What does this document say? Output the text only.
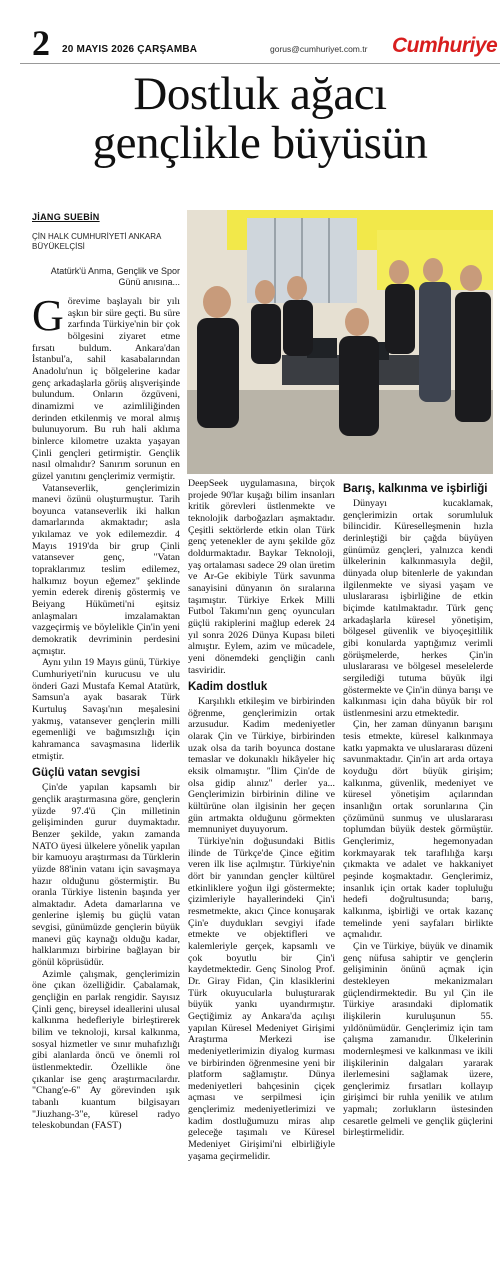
2 20 MAYIS 2026 ÇARŞAMBA	gorus@cumhuriyet.com.tr Cumhuriye
Dostluk ağacı
gençlikle büyüsün
JİANG SUEBİN
ÇİN HALK CUMHURİYETİ ANKARA BÜYÜKELÇİSİ
Atatürk'ü Anma, Gençlik ve Spor Günü anısına...

Görevime başlayalı bir yılı aşkın bir süre geçti. Bu süre zarfında Türkiye'nin bir çok bölgesini ziyaret etme fırsatı buldum. Ankara'dan İstanbul'a, sahil kasabalarından Anadolu'nun iç bölgelerine kadar genç arkadaşlarla görüş alışverişinde bulundum. Onların özgüveni, dinamizmi ve azimliliğinden derinden etkilenmiş ve moral almış bulunuyorum. Bu ruh hali aklıma binlerce kilometre uzakta yaşayan Çinli gençleri getirmiştir. Gençlik nasıl olmalıdır? Sanırım sorunun en güzel yanıtını gençlerimiz vermiştir.

Vatanseverlik, gençlerimizin manevi özünü oluşturmuştur. Tarih boyunca vatanseverlik iki halkın damarlarında akmaktadır; asla yıkılamaz ve yok edilemezdir. 4 Mayıs 1919'da bir grup Çinli vatansever genç, "Vatan topraklarımız teslim edilemez, halkımız boyun eğemez" şeklinde yemin ederek direniş göstermiş ve Beiyang Hükümeti'ni eşitsiz anlaşmaları imzalamaktan vazgeçirmiş ve böylelikle Çin'in yeni demokratik devriminin perdesini açmıştır.

Aynı yılın 19 Mayıs günü, Türkiye Cumhuriyeti'nin kurucusu ve ulu önderi Gazi Mustafa Kemal Atatürk, Samsun'a ayak basarak Türk Kurtuluş Savaşı'nın meşalesini yakmış, vatansever gençlerin milli egemenliği ve bağımsızlığı için kahramanca savaşmasına liderlik etmiştir.

Güçlü vatan sevgisi

Çin'de yapılan kapsamlı bir gençlik araştırmasına göre, gençlerin yüzde 97.4'ü Çin milletinin gelişiminden gurur duymaktadır. Benzer şekilde, yakın zamanda NATO üyesi ülkelere yönelik yapılan bir kamuoyu araştırması da Türklerin yüzde 88'inin vatanı için savaşmaya hazır olduğunu göstermiştir. Bu oranla Türkiye listenin başında yer almaktadır. Adeta damarlarına ve genlerine işlemiş bu güçlü vatan sevgisi, günümüzde gençlerin büyük manevi güç kaynağı olduğu kadar, halklarımızı birbirine bağlayan bir gönül köprüsüdür.

Azimle çalışmak, gençlerimizin öne çıkan özelliğidir. Çabalamak, gençliğin en parlak rengidir. Sayısız Çinli genç, bireysel ideallerini ulusal kalkınma hedefleriyle birleştirerek bilim ve teknoloji, kırsal kalkınma, sosyal hizmetler ve sınır muhafızlığı gibi alanlarda öncü ve önemli rol üstlenmektedir. Özellikle öne çıkanlar ise genç araştırmacılardır. "Chang'e-6" Ay görevinden ışık tabanlı kuantum bilgisayarı "Jiuzhang-3"e, küresel radyo teleskobundan (FAST)

DeepSeek uygulamasına, birçok projede 90'lar kuşağı bilim insanları kritik görevleri üstlenmekte ve teknolojik darboğazları aşmaktadır. Çeşitli sektörlerde etkin olan Türk genç yetenekler de aynı şekilde göz doldurmaktadır. Baykar Teknoloji, yaş ortalaması sadece 29 olan üretim ve Ar-Ge ekibiyle Türk savunma sanayisini dünyanın ön sıralarına taşımıştır. Türkiye Erkek Milli Futbol Takımı'nın genç oyuncuları güçlü rakiplerini mağlup ederek 24 yıl sonra 2026 Dünya Kupası bileti almıştır. Eylem, azim ve mücadele, yeni dönemdeki gençliğin canlı tasviridir.

Kadim dostluk

Karşılıklı etkileşim ve birbirinden öğrenme, gençlerimizin ortak arzusudur. Kadim medeniyetler olarak Çin ve Türkiye, birbirinden uzak olsa da tarih boyunca dostane temaslar ve dokunaklı hikâyeler hiç eksik olmamıştır. "İlim Çin'de de olsa gidip alınız" derler ya... Gençlerimizin birbirinin diline ve kültürüne olan ilgisinin her geçen gün artmakta olduğunu görmekten memnuniyet duyuyorum.

Türkiye'nin doğusundaki Bitlis ilinde de Türkçe'de Çince eğitim veren ilk lise açılmıştır. Türkiye'nin dört bir yanından gençler kültürel etkinliklere yoğun ilgi göstermekte; çizimleriyle hayallerindeki Çin'i resmetmekte, akıcı Çince konuşarak Çin'e duydukları sevgiyi ifade etmekte ve objektifleri ve kalemleriyle gerçek, kapsamlı ve çok boyutlu bir Çin'i kaydetmektedir. Genç Sinolog Prof. Dr. Giray Fidan, Çin klasiklerini Türk okuyucularla buluşturarak büyük yankı uyandırmıştır. Geçtiğimiz ay Ankara'da açılışı yapılan Küresel Medeniyet Girişimi Araştırma Merkezi ise medeniyetlerimizin diyalog kurması ve birbirinden öğrenmesine yeni bir platform sağlamıştır. Dünya medeniyetleri bahçesinin çiçek açması ve serpilmesi için gençlerimiz medeniyetlerimizi ve kadim dostluğumuzu miras alıp geleceğe taşımalı ve Küresel Medeniyet Girişimi'ni elbirliğiyle yaşama geçirmelidir.

Barış, kalkınma ve işbirliği

Dünyayı kucaklamak, gençlerimizin ortak sorumluluk bilincidir. Küreselleşmenin hızla derinleştiği bir çağda büyüyen günümüz gençleri, yalnızca kendi ülkelerinin kalkınmasıyla değil, dünyada olup bitenlerle de yakından ilgilenmekte ve siyasi yaşam ve uluslararası işbirliğine de etkin biçimde katılmaktadır. Türk genç arkadaşlarla küresel yönetişim, bölgesel güvenlik ve biyoçeşitlilik gibi konularda yaptığımız verimli görüşmelerde, herkes Çin'in uluslararası ve bölgesel meselelerde sergilediği tutuma büyük ilgi göstermekte ve Çin'in dünya barışı ve kalkınması için daha büyük bir rol üstlenmesini arzu etmektedir.

Çin, her zaman dünyanın barışını tesis etmekte, küresel kalkınmaya katkı yapmakta ve uluslararası düzeni savunmaktadır. Çin'in art arda ortaya koyduğu dört büyük girişim; kalkınma, güvenlik, medeniyet ve küresel yönetişim açılarından insanlığın ortak sorunlarına Çin çözümünü sunmuş ve uluslararası toplumdan büyük destek görmüştür. Gençlerimiz, hegemonyadan korkmayarak tek taraflılığa karşı çıkmakta ve adalet ve hakkaniyet peşinde koşmaktadır. Gençlerimiz, insanlık için ortak kader topluluğu hedefi doğrultusunda; barış, kalkınma, işbirliği ve ortak kazanç temelinde yeni sayfaları birlikte açmalıdır.

Çin ve Türkiye, büyük ve dinamik genç nüfusa sahiptir ve gençlerin gelişiminin önünü açmak için destekleyen mekanizmaları güçlendirmektedir. Bu yıl Çin ile Türkiye arasındaki diplomatik ilişkilerin kuruluşunun 55. yıldönümüdür. Gençlerimiz için tam çalışma zamanıdır. Ülkelerinin modernleşmesi ve kalkınması ve ikili ilişkilerinin dalgaları yararak ilerlemesini sağlamak üzere, gençlerimiz fırsatları kollayıp girişimci bir ruhla yenilik ve atılım yapmalı; zorlukların üstesinden cesaretle gelmeli ve gençlik güçlerini birleştirmelidir.
